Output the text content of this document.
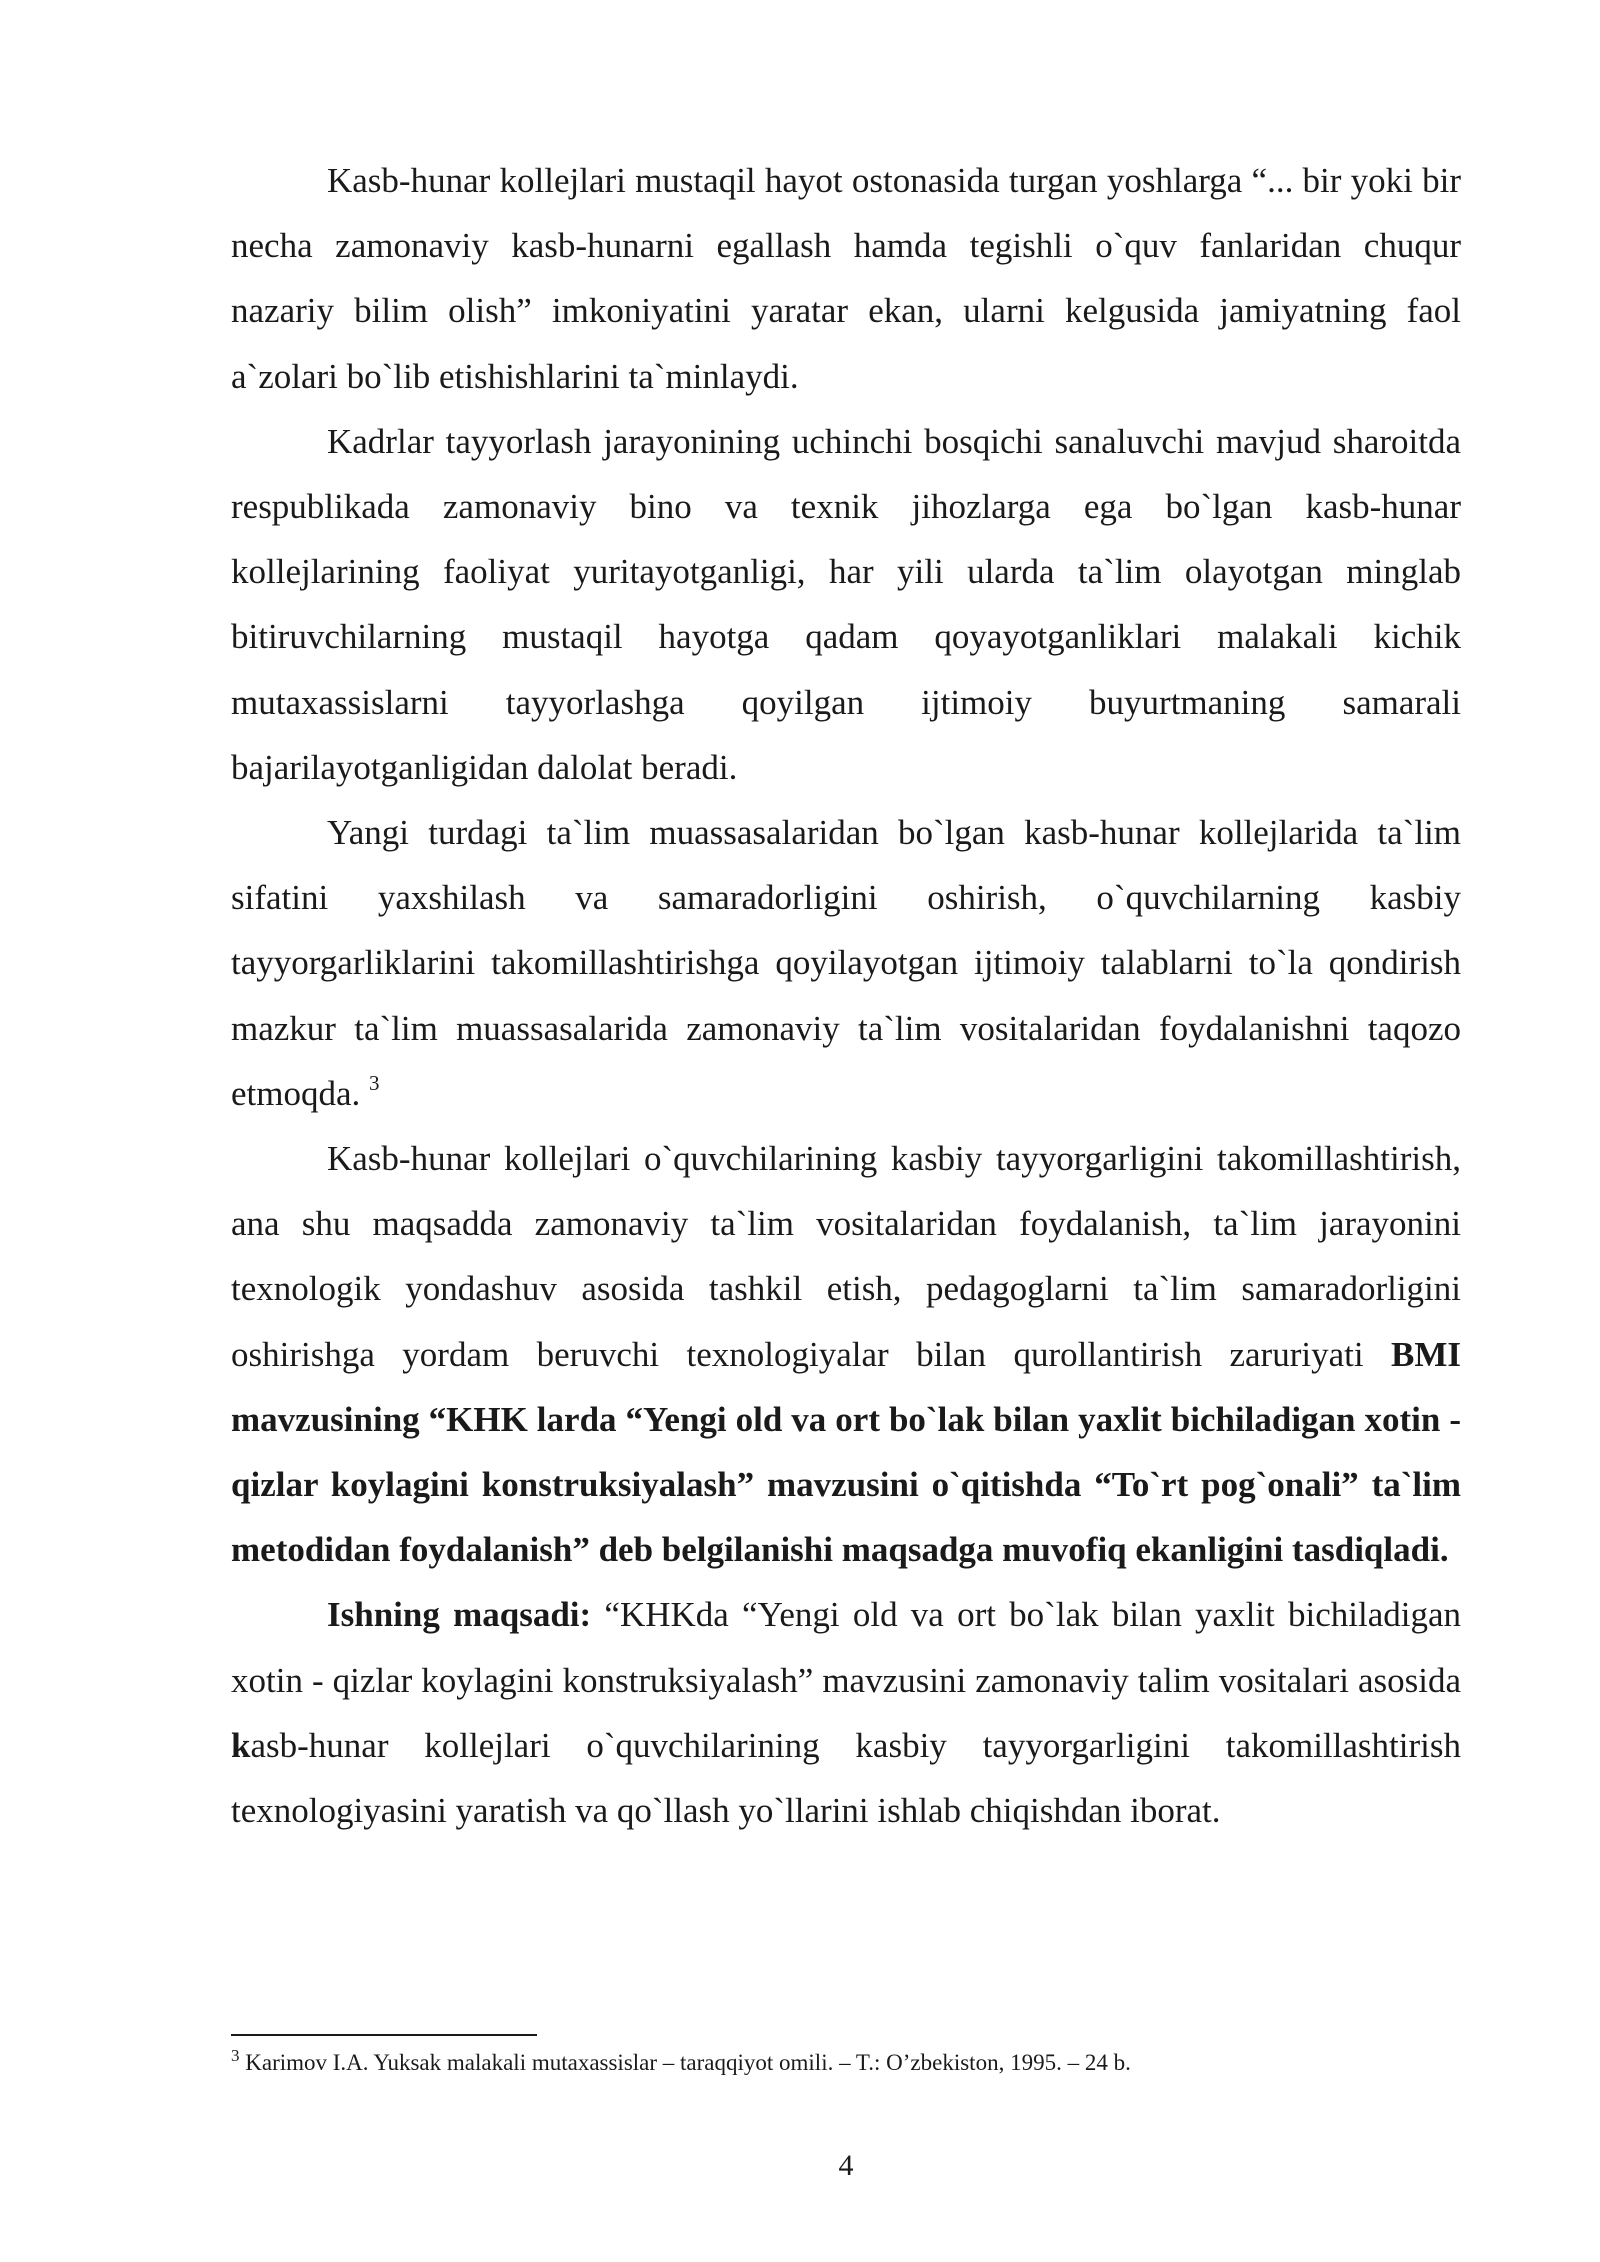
Kasb-hunar kollejlari mustaqil hayot ostonasida turgan yoshlarga “... bir yoki bir necha zamonaviy kasb-hunarni egallash hamda tegishli o`quv fanlaridan chuqur nazariy bilim olish” imkoniyatini yaratar ekan, ularni kelgusida jamiyatning faol a`zolari bo`lib etishishlarini ta`minlaydi.

Kadrlar tayyorlash jarayonining uchinchi bosqichi sanaluvchi mavjud sharoitda respublikada zamonaviy bino va texnik jihozlarga ega bo`lgan kasb-hunar kollejlarining faoliyat yuritayotganligi, har yili ularda ta`lim olayotgan minglab bitiruvchilarning mustaqil hayotga qadam qoyayotganliklari malakali kichik mutaxassislarni tayyorlashga qoyilgan ijtimoiy buyurtmaning samarali bajarilayotganligidan dalolat beradi.

Yangi turdagi ta`lim muassasalaridan bo`lgan kasb-hunar kollejlarida ta`lim sifatini yaxshilash va samaradorligini oshirish, o`quvchilarning kasbiy tayyorgarliklarini takomillashtirishga qoyilayotgan ijtimoiy talablarni to`la qondirish mazkur ta`lim muassasalarida zamonaviy ta`lim vositalaridan foydalanishni taqozo etmoqda. $^3$

Kasb-hunar kollejlari o`quvchilarining kasbiy tayyorgarligini takomillashtirish, ana shu maqsadda zamonaviy ta`lim vositalaridan foydalanish, ta`lim jarayonini texnologik yondashuv asosida tashkil etish, pedagoglarni ta`lim samaradorligini oshirishga yordam beruvchi texnologiyalar bilan qurollantirish zaruriyati BMI mavzusining “KHK larda “Yengi old va ort bo`lak bilan yaxlit bichiladigan xotin - qizlar koylagini konstruksiyalash” mavzusini o`qitishda “To`rt pog`onali” ta`lim metodidan foydalanish” deb belgilanishi maqsadga muvofiq ekanligini tasdiqladi.

Ishning maqsadi: “KHKda “Yengi old va ort bo`lak bilan yaxlit bichiladigan xotin - qizlar koylagini konstruksiyalash” mavzusini zamonaviy talim vositalari asosida kasb-hunar kollejlari o`quvchilarining kasbiy tayyorgarligini takomillashtirish texnologiyasini yaratish va qo`llash yo`llarini ishlab chiqishdan iborat.

$^3$ Karimov I.A. Yuksak malakali mutaxassislar – taraqqiyot omili. – T.: O’zbekiston, 1995. – 24 b.
4
